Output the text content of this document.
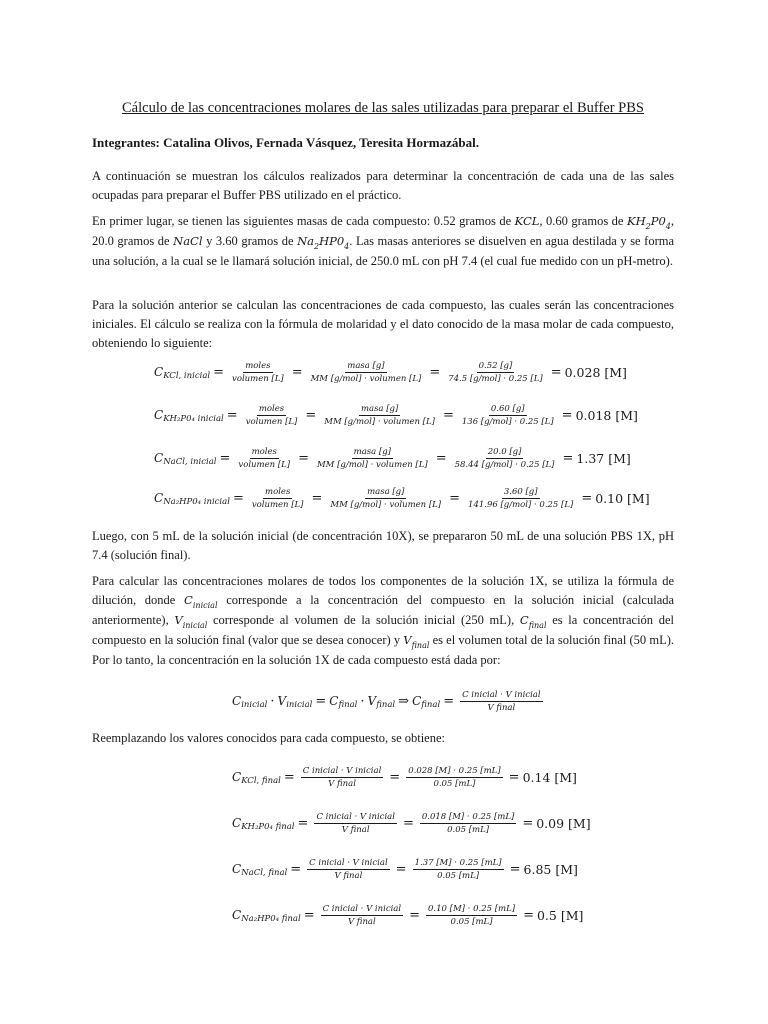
Cálculo de las concentraciones molares de las sales utilizadas para preparar el Buffer PBS
Integrantes: Catalina Olivos, Fernada Vásquez, Teresita Hormazábal.
A continuación se muestran los cálculos realizados para determinar la concentración de cada una de las sales ocupadas para preparar el Buffer PBS utilizado en el práctico.
En primer lugar, se tienen las siguientes masas de cada compuesto: 0.52 gramos de KCL, 0.60 gramos de $KH_2P0_4$, 20.0 gramos de NaCl y 3.60 gramos de $Na_2HP0_4$. Las masas anteriores se disuelven en agua destilada y se forma una solución, a la cual se le llamará solución inicial, de 250.0 mL con pH 7.4 (el cual fue medido con un pH-metro).
Para la solución anterior se calculan las concentraciones de cada compuesto, las cuales serán las concentraciones iniciales. El cálculo se realiza con la fórmula de molaridad y el dato conocido de la masa molar de cada compuesto, obteniendo lo siguiente:
C KCl, inicial = $\frac{\text{moles}}{\text{volumen [L]}} = \frac{\text{masa [g]}}{\text{MM [g/mol] · volumen [L]}} = \frac{0.52 [g]}{\text{74.5 [g/mol] · 0.25 [L]}} = 0.028$ [M]
C KH₂P0₄ inicial = $\frac{\text{moles}}{\text{volumen [L]}} = \frac{\text{masa [g]}}{\text{MM [g/mol] · volumen [L]}} = \frac{0.60 [g]}{\text{136 [g/mol] · 0.25 [L]}} = 0.018$ [M]
C NaCl, inicial = $\frac{\text{moles}}{\text{volumen [L]}} = \frac{\text{masa [g]}}{\text{MM [g/mol] · volumen [L]}} = \frac{20.0 [g]}{\text{58.44 [g/mol] · 0.25 [L]}} = 1.37$ [M]
C Na₂HP0₄ inicial = $\frac{\text{moles}}{\text{volumen [L]}} = \frac{\text{masa [g]}}{\text{MM [g/mol] · volumen [L]}} = \frac{3.60 [g]}{\text{141.96 [g/mol] · 0.25 [L]}} = 0.10$ [M]
Luego, con 5 mL de la solución inicial (de concentración 10X), se prepararon 50 mL de una solución PBS 1X, pH 7.4 (solución final).
Para calcular las concentraciones molares de todos los componentes de la solución 1X, se utiliza la fórmula de dilución, donde $C_{inicial}$ corresponde a la concentración del compuesto en la solución inicial (calculada anteriormente), $V_{inicial}$ corresponde al volumen de la solución inicial (250 mL), $C_{final}$ es la concentración del compuesto en la solución final (valor que se desea conocer) y $V_{final}$ es el volumen total de la solución final (50 mL). Por lo tanto, la concentración en la solución 1X de cada compuesto está dada por:
C inicial · V inicial = C final · V final ⇒ C final = $\frac{\text{C inicial · V inicial}}{\text{V final}}$
Reemplazando los valores conocidos para cada compuesto, se obtiene:
C KCl, final = $\frac{\text{C inicial · V inicial}}{\text{V final}} = \frac{0.028 [M] \cdot 0.25 [mL]}{0.05 [mL]} = 0.14$ [M]
C KH₂P0₄ final = $\frac{\text{C inicial · V inicial}}{\text{V final}} = \frac{0.018 [M] \cdot 0.25 [mL]}{0.05 [mL]} = 0.09$ [M]
C NaCl, final = $\frac{\text{C inicial · V inicial}}{\text{V final}} = \frac{1.37 [M] \cdot 0.25 [mL]}{0.05 [mL]} = 6.85$ [M]
C Na₂HP0₄ final = $\frac{\text{C inicial · V inicial}}{\text{V final}} = \frac{0.10 [M] \cdot 0.25 [mL]}{0.05 [mL]} = 0.5$ [M]
